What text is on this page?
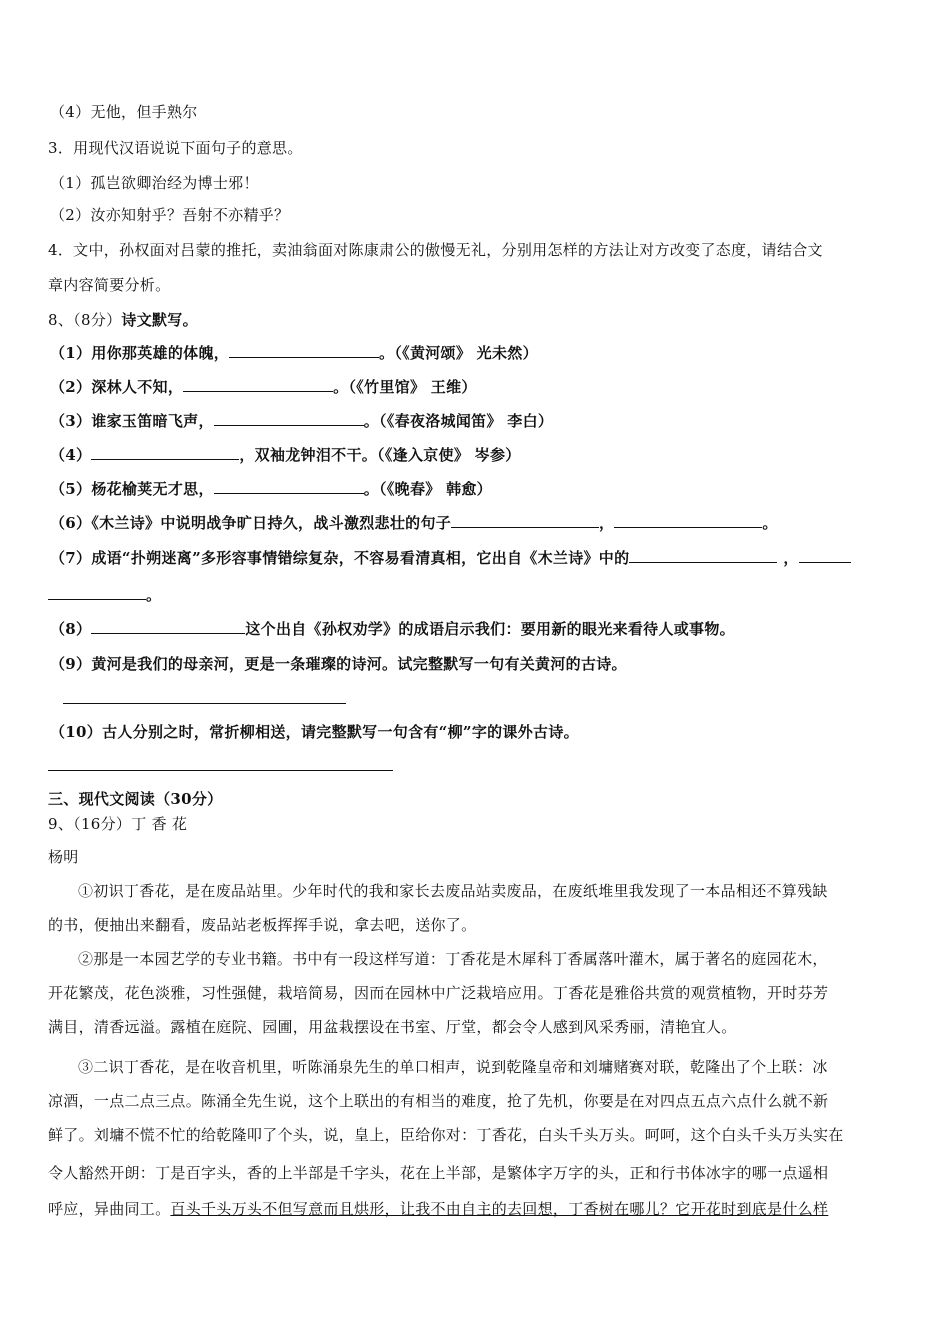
（4）无他，但手熟尔
3．用现代汉语说说下面句子的意思。
（1）孤岂欲卿治经为博士邪！
（2）汝亦知射乎？吾射不亦精乎？
4．文中，孙权面对吕蒙的推托，卖油翁面对陈康肃公的傲慢无礼，分别用怎样的方法让对方改变了态度，请结合文
章内容简要分析。
8、（8分）诗文默写。
（1）用你那英雄的体魄，	。（《黄河颂》 光未然）
（2）深林人不知，	。（《竹里馆》 王维）
（3）谁家玉笛暗飞声，	。（《春夜洛城闻笛》 李白）
（4）	，双袖龙钟泪不干。（《逢入京使》 岑参）
（5）杨花榆荚无才思，	。（《晚春》 韩愈）
（6）《木兰诗》中说明战争旷日持久，战斗激烈悲壮的句子	，	。
（7）成语“扑朔迷离”多形容事情错综复杂，不容易看清真相，它出自《木兰诗》中的	，
。
（8）	这个出自《孙权劝学》的成语启示我们：要用新的眼光来看待人或事物。
（9）黄河是我们的母亲河，更是一条璀璨的诗河。试完整默写一句有关黄河的古诗。
（10）古人分别之时，常折柳相送，请完整默写一句含有“柳”字的课外古诗。
三、现代文阅读（30分）
9、（16分）丁 香 花
杨明
①初识丁香花，是在废品站里。少年时代的我和家长去废品站卖废品，在废纸堆里我发现了一本品相还不算残缺
的书，便抽出来翻看，废品站老板挥挥手说，拿去吧，送你了。
②那是一本园艺学的专业书籍。书中有一段这样写道：丁香花是木犀科丁香属落叶灌木，属于著名的庭园花木，
开花繁茂，花色淡雅，习性强健，栽培简易，因而在园林中广泛栽培应用。丁香花是雅俗共赏的观赏植物，开时芬芳
满目，清香远溢。露植在庭院、园圃，用盆栽摆设在书室、厅堂，都会令人感到风采秀丽，清艳宜人。
③二识丁香花，是在收音机里，听陈涌泉先生的单口相声，说到乾隆皇帝和刘墉赌赛对联，乾隆出了个上联：冰
凉酒，一点二点三点。陈涌全先生说，这个上联出的有相当的难度，抢了先机，你要是在对四点五点六点什么就不新
鲜了。刘墉不慌不忙的给乾隆叩了个头，说，皇上，臣给你对：丁香花，白头千头万头。呵呵，这个白头千头万头实在
令人豁然开朗：丁是百字头，香的上半部是千字头，花在上半部，是繁体字万字的头，正和行书体冰字的哪一点遥相
呼应，异曲同工。百头千头万头不但写意而且烘形，让我不由自主的去回想，丁香树在哪儿？它开花时到底是什么样
